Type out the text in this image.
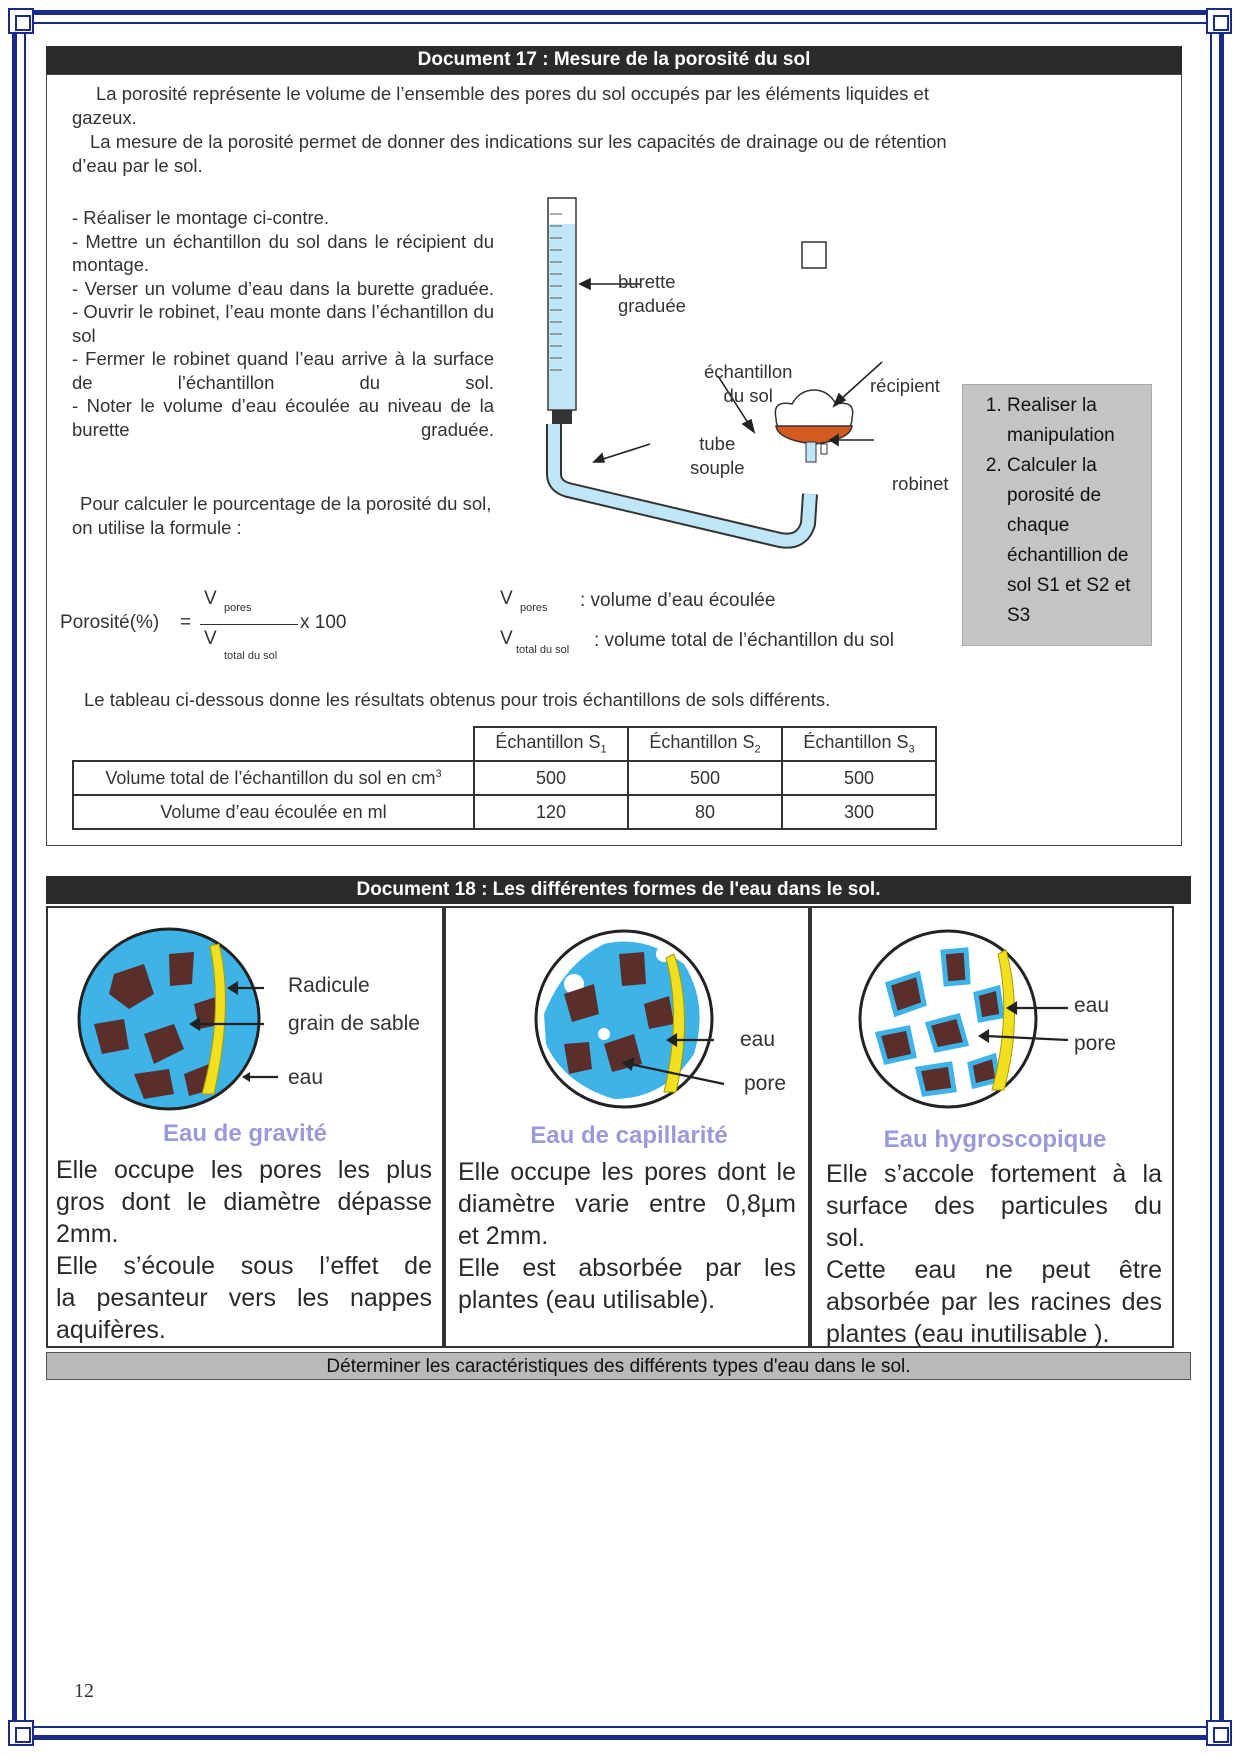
Document 17 : Mesure de la porosité du sol
La porosité représente le volume de l’ensemble des pores du sol occupés par les éléments liquides et gazeux.
La mesure de la porosité permet de donner des indications sur les capacités de drainage ou de rétention d’eau par le sol.
- Réaliser le montage ci-contre.
- Mettre un échantillon du sol dans le récipient du montage.
- Verser un volume d’eau dans la burette graduée.
- Ouvrir le robinet, l’eau monte dans l’échantillon du sol
- Fermer le robinet quand l’eau arrive à la surface de l’échantillon du sol.
- Noter le volume d’eau écoulée au niveau de la burette graduée.
Pour calculer le pourcentage de la porosité du sol, on utilise la formule :
Porosité(%) =
V pores
V
total du sol
x 100
V pores : volume d’eau écoulée
V
total du sol : volume total de l’échantillon du sol
burette
graduée
échantillon
du sol	récipient
tube
souple
robinet
1. Realiser la manipulation
2. Calculer la porosité de chaque échantillion de sol S1 et S2 et S3
Le tableau ci-dessous donne les résultats obtenus pour trois échantillons de sols différents.
	Échantillon $S_1$	Échantillon $S_2$	Échantillon $S_3$
Volume total de l’échantillon du sol en $cm^3$	500	500	500
Volume d’eau écoulée en ml	120	80	300
Document 18 : Les différentes formes de l'eau dans le sol.
Radicule
grain de sable
eau
Eau de gravité
Elle occupe les pores les plus
gros dont le diamètre dépasse
2mm.
Elle s’écoule sous l’effet de
la pesanteur vers les nappes
aquifères.
eau
pore
Eau de capillarité
Elle occupe les pores dont le
diamètre varie entre 0,8µm
et 2mm.
Elle est absorbée par les
plantes (eau utilisable).
eau
pore
Eau hygroscopique
Elle s’accole fortement à la
surface des particules du
sol.
Cette eau ne peut être
absorbée par les racines des
plantes (eau inutilisable ).
Déterminer les caractéristiques des différents types d'eau dans le sol.
12
